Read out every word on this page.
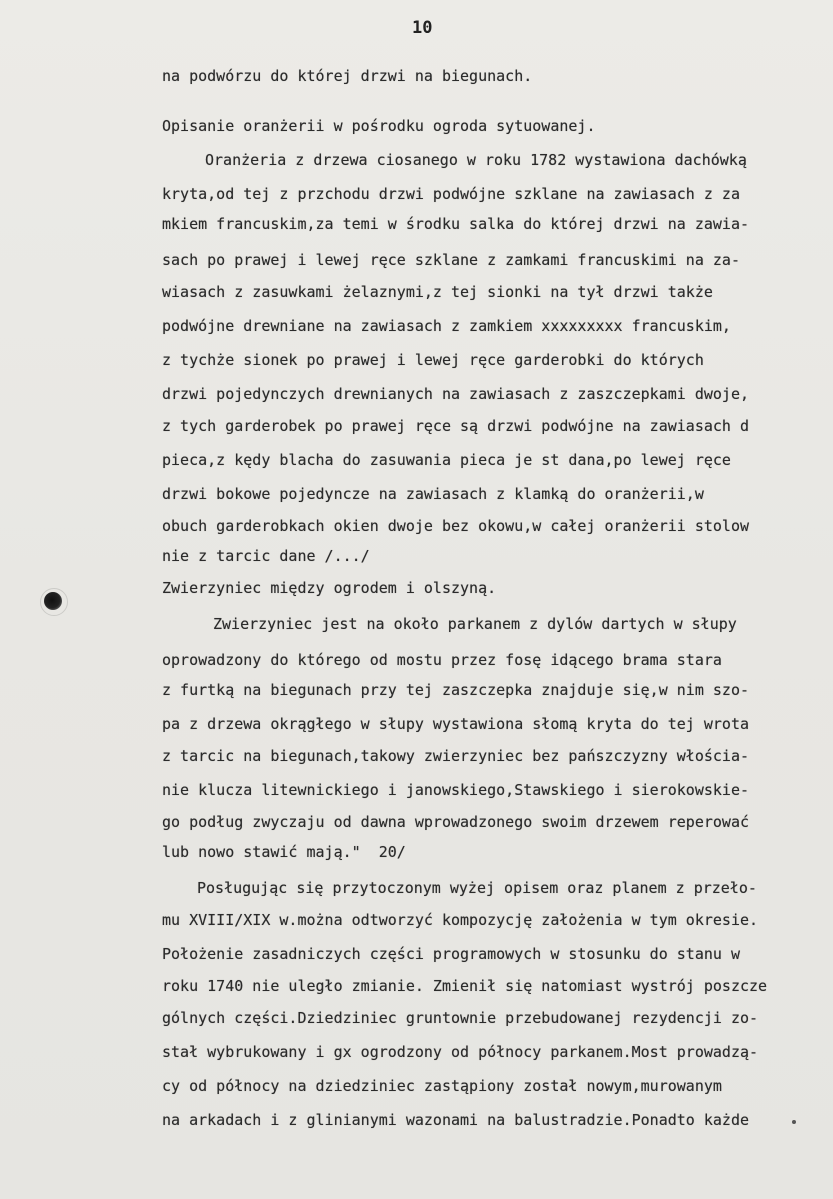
10
na podwórzu do której drzwi na biegunach.
Opisanie oranżerii w pośrodku ogroda sytuowanej.
Oranżeria z drzewa ciosanego w roku 1782 wystawiona dachówką
kryta,od tej z przchodu drzwi podwójne szklane na zawiasach z za
mkiem francuskim,za temi w środku salka do której drzwi na zawia-
sach po prawej i lewej ręce szklane z zamkami francuskimi na za-
wiasach z zasuwkami żelaznymi,z tej sionki na tył drzwi także
podwójne drewniane na zawiasach z zamkiem xxxxxxxxx francuskim,
z tychże sionek po prawej i lewej ręce garderobki do których
drzwi pojedynczych drewnianych na zawiasach z zaszczepkami dwoje,
z tych garderobek po prawej ręce są drzwi podwójne na zawiasach d
pieca,z kędy blacha do zasuwania pieca je st dana,po lewej ręce
drzwi bokowe pojedyncze na zawiasach z klamką do oranżerii,w
obuch garderobkach okien dwoje bez okowu,w całej oranżerii stolow
nie z tarcic dane /.../
Zwierzyniec między ogrodem i olszyną.
Zwierzyniec jest na około parkanem z dylów dartych w słupy
oprowadzony do którego od mostu przez fosę idącego brama stara
z furtką na biegunach przy tej zaszczepka znajduje się,w nim szo-
pa z drzewa okrągłego w słupy wystawiona słomą kryta do tej wrota
z tarcic na biegunach,takowy zwierzyniec bez pańszczyzny włościa-
nie klucza litewnickiego i janowskiego,Stawskiego i sierokowskie-
go podług zwyczaju od dawna wprowadzonego swoim drzewem reperować
lub nowo stawić mają."  20/
Posługując się przytoczonym wyżej opisem oraz planem z przeło-
mu XVIII/XIX w.można odtworzyć kompozycję założenia w tym okresie.
Położenie zasadniczych części programowych w stosunku do stanu w
roku 1740 nie uległo zmianie. Zmienił się natomiast wystrój poszcze
gólnych części.Dziedziniec gruntownie przebudowanej rezydencji zo-
stał wybrukowany i gx ogrodzony od północy parkanem.Most prowadzą-
cy od północy na dziedziniec zastąpiony został nowym,murowanym
na arkadach i z glinianymi wazonami na balustradzie.Ponadto każde
